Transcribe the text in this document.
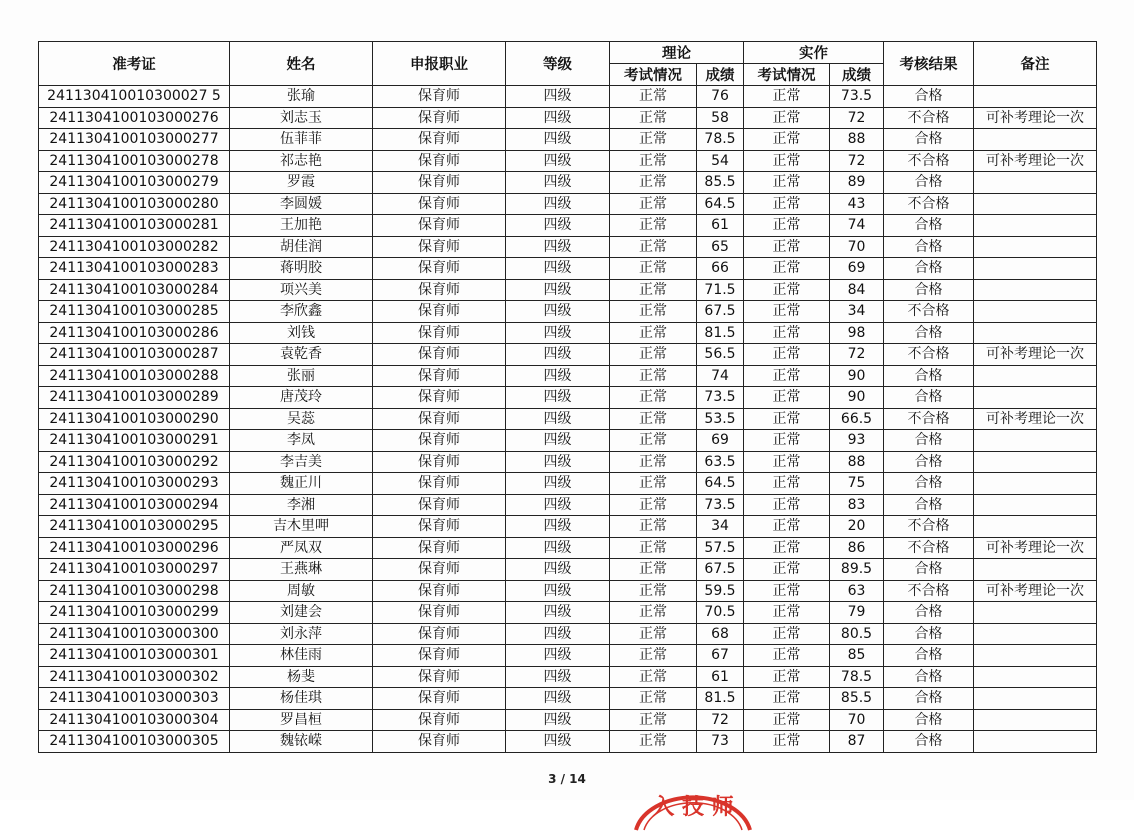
准考证	姓名	申报职业	等级	理论		实作		考核结果	备注
				考试情况	成绩	考试情况	成绩		
241130410010300027 5	张瑜	保育师	四级	正常	76	正常	73.5	合格	
2411304100103000276	刘志玉	保育师	四级	正常	58	正常	72	不合格	可补考理论一次
2411304100103000277	伍菲菲	保育师	四级	正常	78.5	正常	88	合格	
2411304100103000278	祁志艳	保育师	四级	正常	54	正常	72	不合格	可补考理论一次
2411304100103000279	罗霞	保育师	四级	正常	85.5	正常	89	合格	
2411304100103000280	李圆媛	保育师	四级	正常	64.5	正常	43	不合格	
2411304100103000281	王加艳	保育师	四级	正常	61	正常	74	合格	
2411304100103000282	胡佳润	保育师	四级	正常	65	正常	70	合格	
2411304100103000283	蒋明胶	保育师	四级	正常	66	正常	69	合格	
2411304100103000284	项兴美	保育师	四级	正常	71.5	正常	84	合格	
2411304100103000285	李欣鑫	保育师	四级	正常	67.5	正常	34	不合格	
2411304100103000286	刘钱	保育师	四级	正常	81.5	正常	98	合格	
2411304100103000287	袁乾香	保育师	四级	正常	56.5	正常	72	不合格	可补考理论一次
2411304100103000288	张丽	保育师	四级	正常	74	正常	90	合格	
2411304100103000289	唐茂玲	保育师	四级	正常	73.5	正常	90	合格	
2411304100103000290	吴蕊	保育师	四级	正常	53.5	正常	66.5	不合格	可补考理论一次
2411304100103000291	李凤	保育师	四级	正常	69	正常	93	合格	
2411304100103000292	李吉美	保育师	四级	正常	63.5	正常	88	合格	
2411304100103000293	魏正川	保育师	四级	正常	64.5	正常	75	合格	
2411304100103000294	李湘	保育师	四级	正常	73.5	正常	83	合格	
2411304100103000295	吉木里呷	保育师	四级	正常	34	正常	20	不合格	
2411304100103000296	严凤双	保育师	四级	正常	57.5	正常	86	不合格	可补考理论一次
2411304100103000297	王燕琳	保育师	四级	正常	67.5	正常	89.5	合格	
2411304100103000298	周敏	保育师	四级	正常	59.5	正常	63	不合格	可补考理论一次
2411304100103000299	刘建会	保育师	四级	正常	70.5	正常	79	合格	
2411304100103000300	刘永萍	保育师	四级	正常	68	正常	80.5	合格	
2411304100103000301	林佳雨	保育师	四级	正常	67	正常	85	合格	
2411304100103000302	杨斐	保育师	四级	正常	61	正常	78.5	合格	
2411304100103000303	杨佳琪	保育师	四级	正常	81.5	正常	85.5	合格	
2411304100103000304	罗昌桓	保育师	四级	正常	72	正常	70	合格	
2411304100103000305	魏铱嵘	保育师	四级	正常	73	正常	87	合格	
3 / 14
入 技 师
